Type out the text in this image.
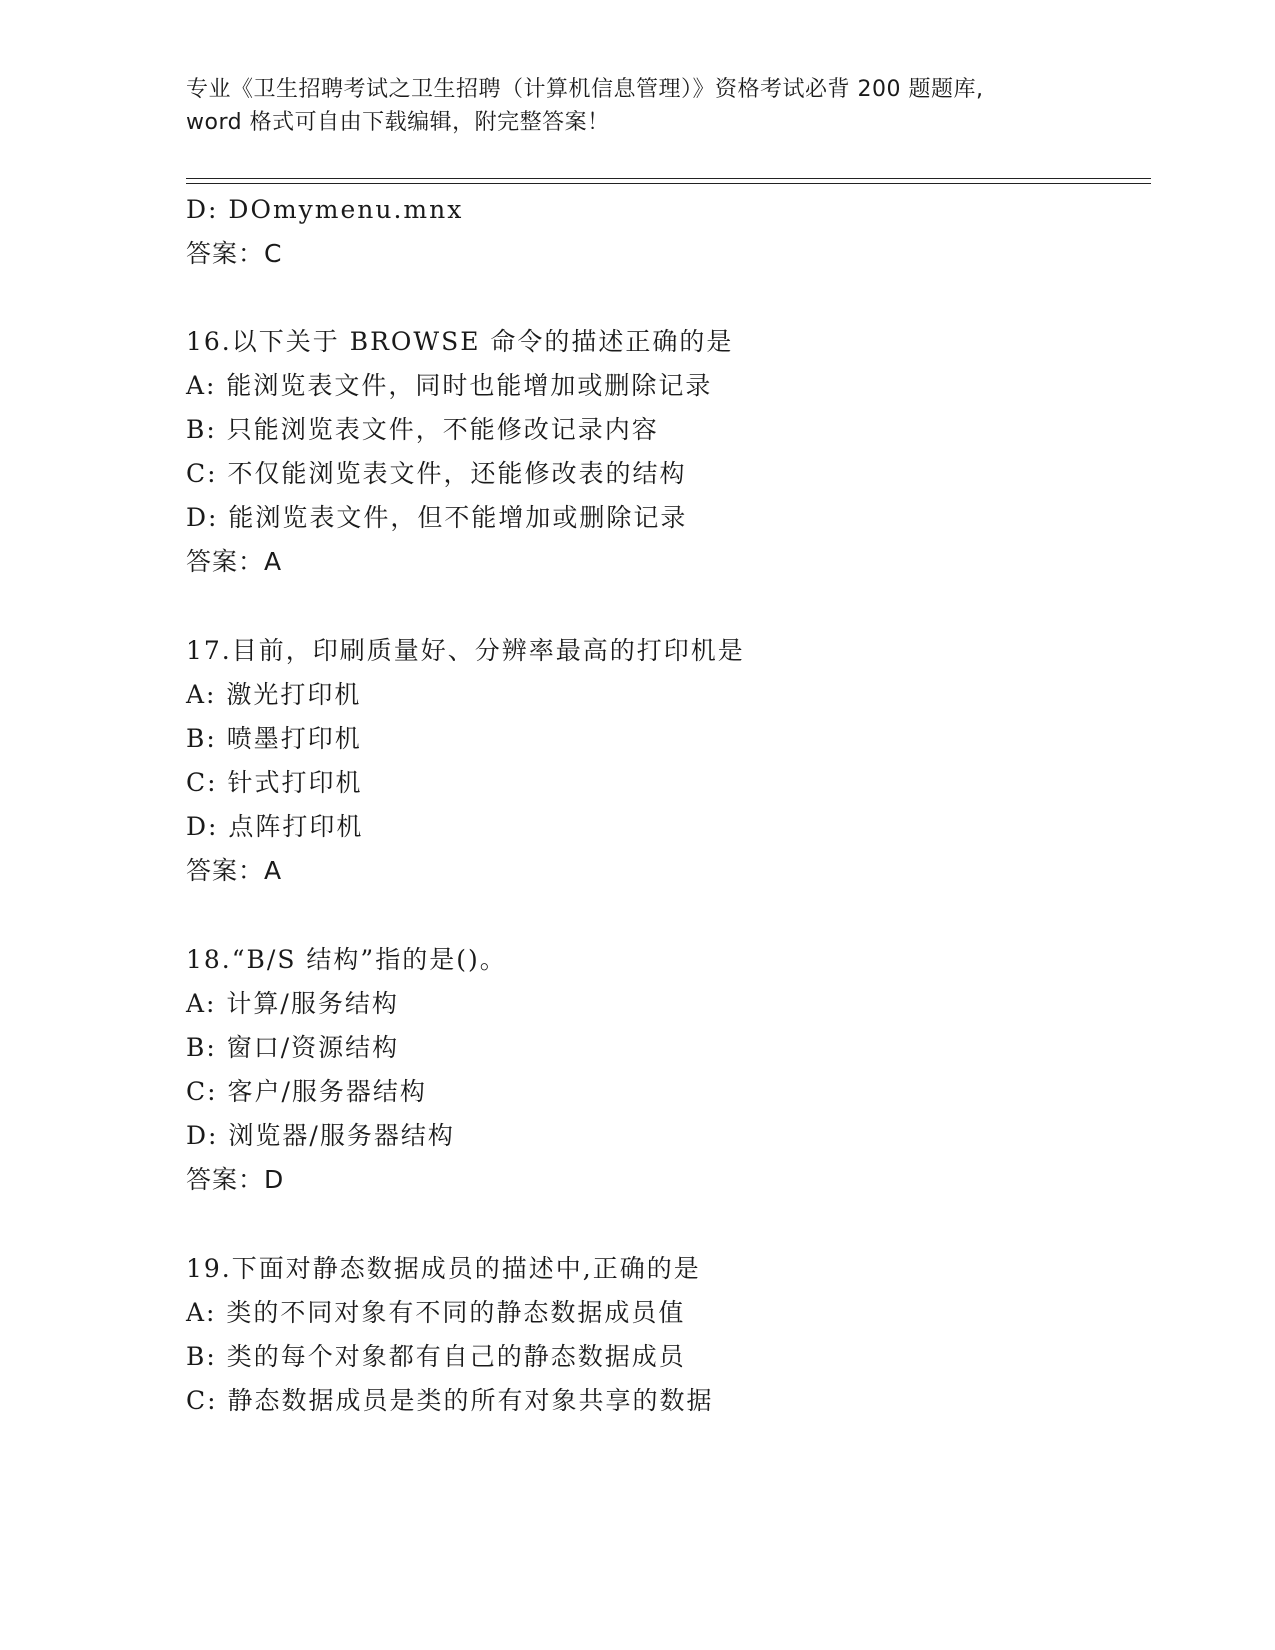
专业《卫生招聘考试之卫生招聘（计算机信息管理）》资格考试必背 200 题题库,
word 格式可自由下载编辑，附完整答案！
D: DOmymenu.mnx
答案：C
16.以下关于 BROWSE 命令的描述正确的是
A: 能浏览表文件，同时也能增加或删除记录
B: 只能浏览表文件，不能修改记录内容
C: 不仅能浏览表文件，还能修改表的结构
D: 能浏览表文件，但不能增加或删除记录
答案：A
17.目前，印刷质量好、分辨率最高的打印机是
A: 激光打印机
B: 喷墨打印机
C: 针式打印机
D: 点阵打印机
答案：A
18.“B/S 结构”指的是()。
A: 计算/服务结构
B: 窗口/资源结构
C: 客户/服务器结构
D: 浏览器/服务器结构
答案：D
19.下面对静态数据成员的描述中,正确的是
A: 类的不同对象有不同的静态数据成员值
B: 类的每个对象都有自己的静态数据成员
C: 静态数据成员是类的所有对象共享的数据
